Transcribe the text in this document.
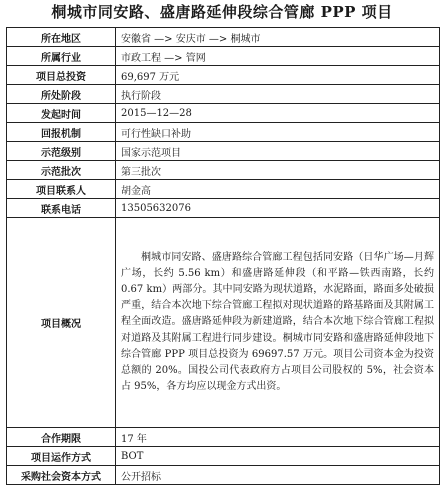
桐城市同安路、盛唐路延伸段综合管廊 PPP 项目
所在地区	安徽省 —> 安庆市 —> 桐城市
所属行业	市政工程 —> 管网
项目总投资	69,697 万元
所处阶段	执行阶段
发起时间	2015—12—28
回报机制	可行性缺口补助
示范级别	国家示范项目
示范批次	第三批次
项目联系人	胡金高
联系电话	13505632076
项目概况	桐城市同安路、盛唐路综合管廊工程包括同安路（日华广场—月辉广场，长约 5.56 km）和盛唐路延伸段（和平路—铁西南路，长约 0.67 km）两部分。其中同安路为现状道路，水泥路面，路面多处破损严重，结合本次地下综合管廊工程拟对现状道路的路基路面及其附属工程全面改造。盛唐路延伸段为新建道路，结合本次地下综合管廊工程拟对道路及其附属工程进行同步建设。桐城市同安路和盛唐路延伸段地下综合管廊 PPP 项目总投资为 69697.57 万元。项目公司资本金为投资总额的 20%。国投公司代表政府方占项目公司股权的 5%，社会资本占 95%，各方均应以现金方式出资。
合作期限	17 年
项目运作方式	BOT
采购社会资本方式	公开招标
